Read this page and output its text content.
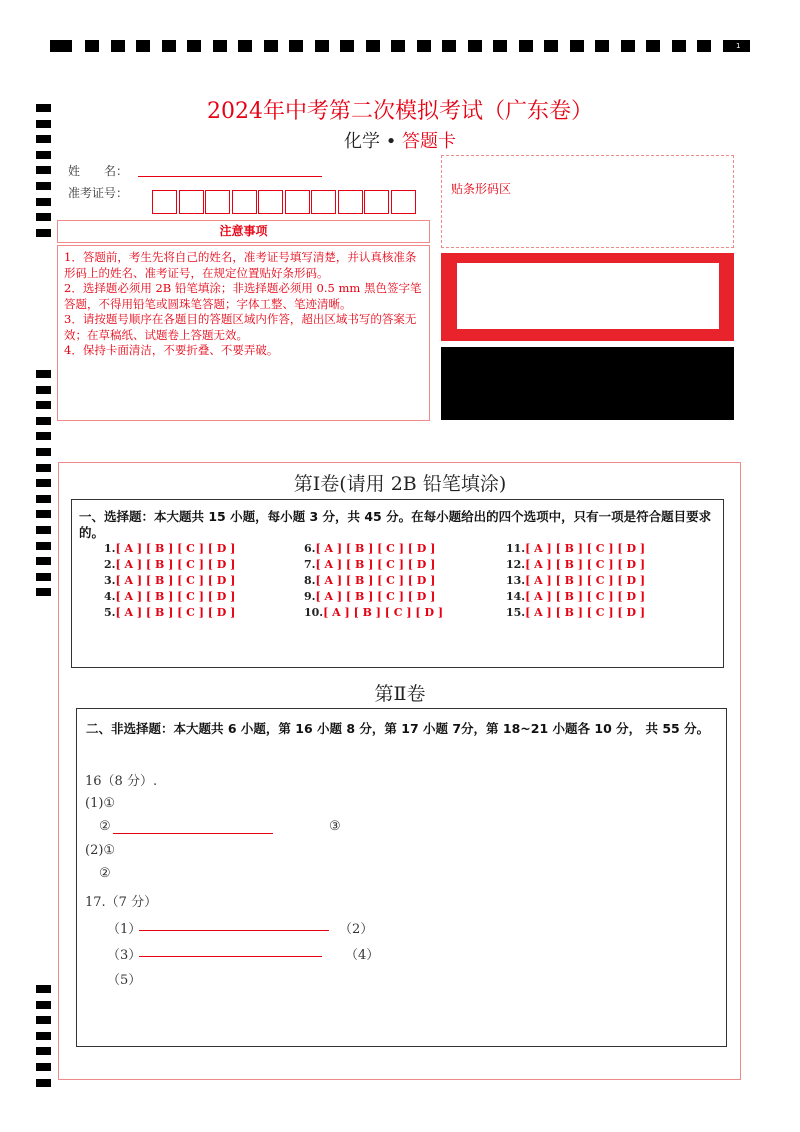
1
2024年中考第二次模拟考试（广东卷）
化学 • 答题卡
姓　　名：
准考证号：	贴条形码区
注意事项

1．答题前，考生先将自己的姓名，准考证号填写清楚，并认真核准条形码上的姓名、准考证号，在规定位置贴好条形码。

2．选择题必须用 2B 铅笔填涂；非选择题必须用 0.5 mm 黑色签字笔答题，不得用铅笔或圆珠笔答题；字体工整、笔迹清晰。

3．请按题号顺序在各题目的答题区域内作答，超出区域书写的答案无效；在草稿纸、试题卷上答题无效。

4．保持卡面清洁，不要折叠、不要弄破。

第Ⅰ卷(请用 2B 铅笔填涂)
一、选择题：本大题共 15 小题，每小题 3 分，共 45 分。在每小题给出的四个选项中，只有一项是符合题目要求的。
1.[ A ] [ B ] [ C ] [ D ]
2.[ A ] [ B ] [ C ] [ D ]
3.[ A ] [ B ] [ C ] [ D ]
4.[ A ] [ B ] [ C ] [ D ]
5.[ A ] [ B ] [ C ] [ D ]
6.[ A ] [ B ] [ C ] [ D ]
7.[ A ] [ B ] [ C ] [ D ]
8.[ A ] [ B ] [ C ] [ D ]
9.[ A ] [ B ] [ C ] [ D ]
10.[ A ] [ B ] [ C ] [ D ]
11.[ A ] [ B ] [ C ] [ D ]
12.[ A ] [ B ] [ C ] [ D ]
13.[ A ] [ B ] [ C ] [ D ]
14.[ A ] [ B ] [ C ] [ D ]
15.[ A ] [ B ] [ C ] [ D ]
第Ⅱ卷
二、非选择题：本大题共 6 小题，第 16 小题 8 分，第 17 小题 7分，第 18~21 小题各 10 分， 共 55 分。
16（8 分）.
(1)①
②	③
(2)①
②
17.（7 分）
（1）	（2）
（3）	（4）
（5）
